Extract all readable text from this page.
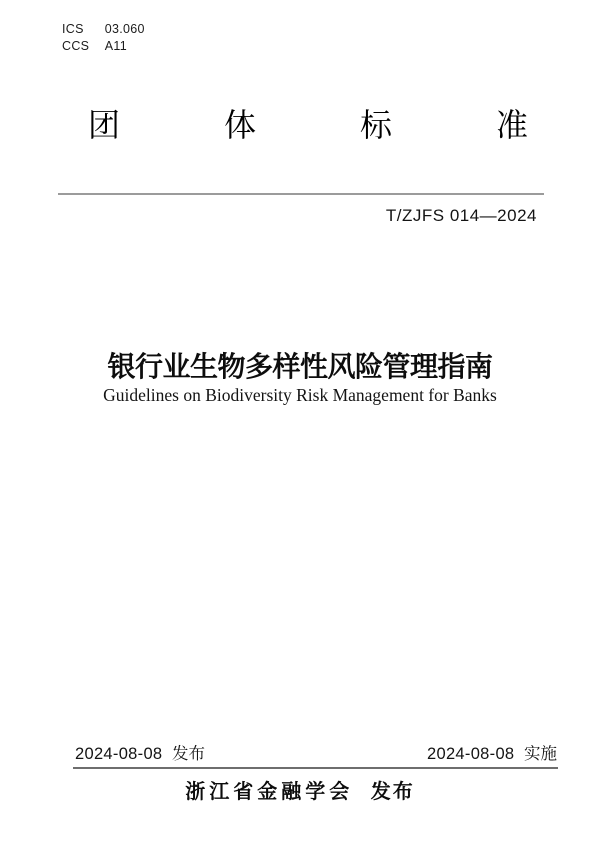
ICS 03.060
CCS A11
团	体	标	准
T/ZJFS 014—2024
银行业生物多样性风险管理指南
Guidelines on Biodiversity Risk Management for Banks
2024-08-08 发布	2024-08-08 实施
浙江省金融学会 发布
